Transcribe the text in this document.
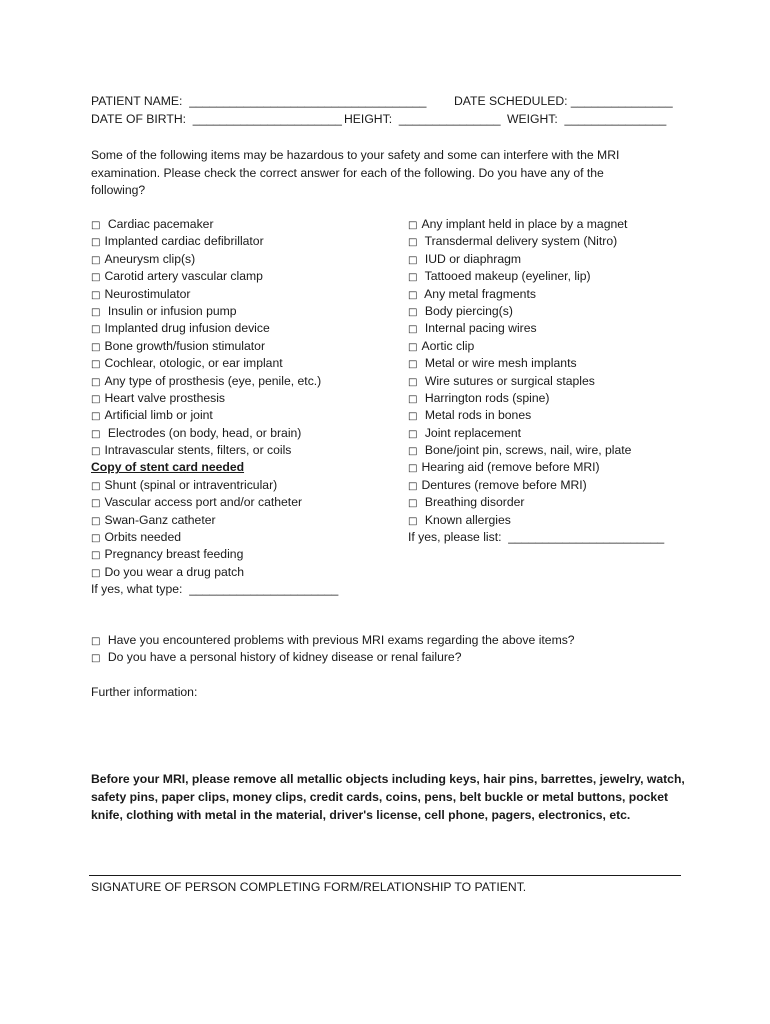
PATIENT NAME:  ___________________________________ DATE SCHEDULED: _______________
DATE OF BIRTH:  ______________________ HEIGHT:  _______________ WEIGHT:  _______________
Some of the following items may be hazardous to your safety and some can interfere with the MRI examination. Please check the correct answer for each of the following. Do you have any of the following?
□ Cardiac pacemaker
□ Implanted cardiac defibrillator
□ Aneurysm clip(s)
□ Carotid artery vascular clamp
□ Neurostimulator
□ Insulin or infusion pump
□ Implanted drug infusion device
□ Bone growth/fusion stimulator
□ Cochlear, otologic, or ear implant
□ Any type of prosthesis (eye, penile, etc.)
□ Heart valve prosthesis
□ Artificial limb or joint
□ Electrodes (on body, head, or brain)
□ Intravascular stents, filters, or coils
Copy of stent card needed
□ Shunt (spinal or intraventricular)
□ Vascular access port and/or catheter
□ Swan-Ganz catheter
□ Orbits needed
□ Pregnancy breast feeding
□ Do you wear a drug patch
If yes, what type:  ______________________
□ Any implant held in place by a magnet
□ Transdermal delivery system (Nitro)
□ IUD or diaphragm
□ Tattooed makeup (eyeliner, lip)
□ Any metal fragments
□ Body piercing(s)
□ Internal pacing wires
□ Aortic clip
□ Metal or wire mesh implants
□ Wire sutures or surgical staples
□ Harrington rods (spine)
□ Metal rods in bones
□ Joint replacement
□ Bone/joint pin, screws, nail, wire, plate
□ Hearing aid (remove before MRI)
□ Dentures (remove before MRI)
□ Breathing disorder
□ Known allergies
If yes, please list:  _______________________
□ Have you encountered problems with previous MRI exams regarding the above items?
□ Do you have a personal history of kidney disease or renal failure?
Further information:
Before your MRI, please remove all metallic objects including keys, hair pins, barrettes, jewelry, watch, safety pins, paper clips, money clips, credit cards, coins, pens, belt buckle or metal buttons, pocket knife, clothing with metal in the material, driver's license, cell phone, pagers, electronics, etc.
SIGNATURE OF PERSON COMPLETING FORM/RELATIONSHIP TO PATIENT.
